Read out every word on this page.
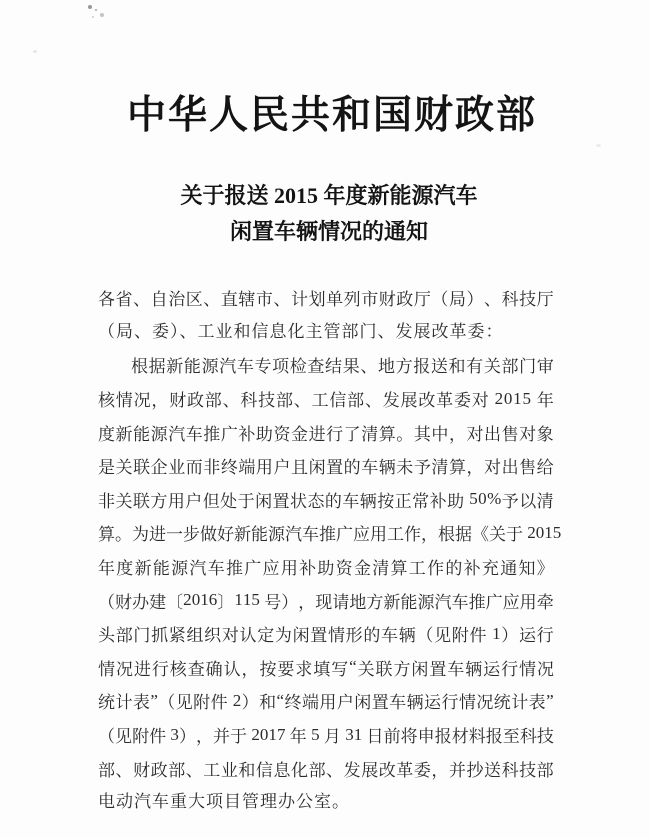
中华人民共和国财政部
关于报送 2015 年度新能源汽车
闲置车辆情况的通知
各 省 、 自 治 区 、 直 辖 市 、 计 划 单 列 市 财 政 厅 （ 局 ） 、 科 技 厅
（局、委）、工业和信息化主管部门、发展改革委：
根 据 新 能 源 汽 车 专 项 检 查 结 果 、 地 方 报 送 和 有 关 部 门 审
核 情 况 ， 财 政 部 、 科 技 部 、 工 信 部 、 发 展 改 革 委 对
2 0 1 5
年
度 新 能 源 汽 车 推 广 补 助 资 金 进 行 了 清 算 。 其 中 ， 对 出 售 对 象
是 关 联 企 业 而 非 终 端 用 户 且 闲 置 的 车 辆 未 予 清 算 ， 对 出 售 给
非 关 联 方 用 户 但 处 于 闲 置 状 态 的 车 辆 按 正 常 补 助
5 0 % 予 以 清
算 。 为 进 一 步 做 好 新 能 源 汽 车 推 广 应 用 工 作 ， 根 据 《 关 于
2 0 1 5
年 度 新 能 源 汽 车 推 广 应 用 补 助 资 金 清 算 工 作 的 补 充 通 知 》
（ 财 办 建 〔 2 0 1 6 〕 1 1 5
号 ） ， 现 请 地 方 新 能 源 汽 车 推 广 应 用 牵
头 部 门 抓 紧 组 织 对 认 定 为 闲 置 情 形 的 车 辆 （ 见 附 件
1 ） 运 行
情 况 进 行 核 查 确 认 ， 按 要 求 填 写 “ 关 联 方 闲 置 车 辆 运 行 情 况
统 计 表 ” （ 见 附 件
2 ） 和 “ 终 端 用 户 闲 置 车 辆 运 行 情 况 统 计 表 ”
（ 见 附 件
3 ） ， 并 于
2 0 1 7
年
5
月
3 1
日 前 将 申 报 材 料 报 至 科 技
部 、 财 政 部 、 工 业 和 信 息 化 部 、 发 展 改 革 委 ， 并 抄 送 科 技 部
电动汽车重大项目管理办公室。
